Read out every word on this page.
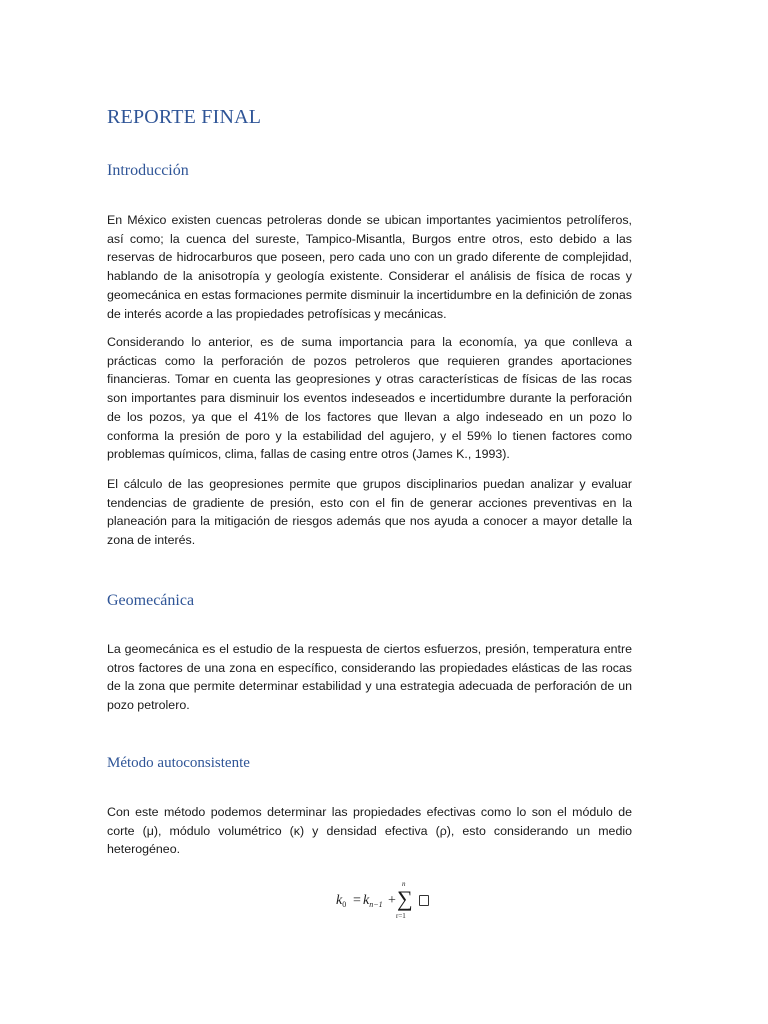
REPORTE FINAL
Introducción

En México existen cuencas petroleras donde se ubican importantes yacimientos petrolíferos, así como; la cuenca del sureste, Tampico-Misantla, Burgos entre otros, esto debido a las reservas de hidrocarburos que poseen, pero cada uno con un grado diferente de complejidad, hablando de la anisotropía y geología existente. Considerar el análisis de física de rocas y geomecánica en estas formaciones permite disminuir la incertidumbre en la definición de zonas de interés acorde a las propiedades petrofísicas y mecánicas.

Considerando lo anterior, es de suma importancia para la economía, ya que conlleva a prácticas como la perforación de pozos petroleros que requieren grandes aportaciones financieras. Tomar en cuenta las geopresiones y otras características de físicas de las rocas son importantes para disminuir los eventos indeseados e incertidumbre durante la perforación de los pozos, ya que el 41% de los factores que llevan a algo indeseado en un pozo lo conforma la presión de poro y la estabilidad del agujero, y el 59% lo tienen factores como problemas químicos, clima, fallas de casing entre otros (James K., 1993).

El cálculo de las geopresiones permite que grupos disciplinarios puedan analizar y evaluar tendencias de gradiente de presión, esto con el fin de generar acciones preventivas en la planeación para la mitigación de riesgos además que nos ayuda a conocer a mayor detalle la zona de interés.

Geomecánica

La geomecánica es el estudio de la respuesta de ciertos esfuerzos, presión, temperatura entre otros factores de una zona en específico, considerando las propiedades elásticas de las rocas de la zona que permite determinar estabilidad y una estrategia adecuada de perforación de un pozo petrolero.

Método autoconsistente

Con este método podemos determinar las propiedades efectivas como lo son el módulo de corte (μ), módulo volumétrico (κ) y densidad efectiva (ρ), esto considerando un medio heterogéneo.

$k_0 = k_{n-1}$ +
n
∑
r=1
